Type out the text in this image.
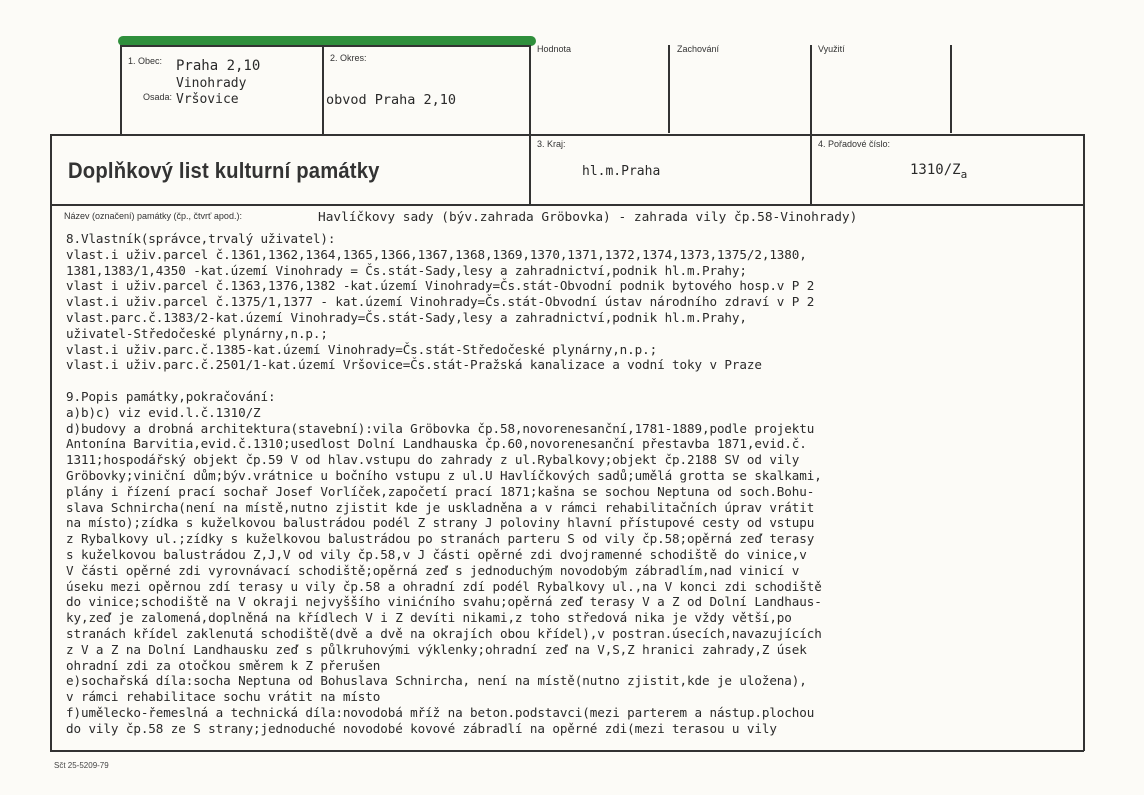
1. Obec: Praha 2,10
Vinohrady
Osada: Vršovice
2. Okres:
obvod Praha 2,10
Hodnota	Zachování	Využití
3. Kraj:
hl.m.Praha
4. Pořadové číslo:
$1310/Z_a$
Doplňkový list kulturní památky
Název (označení) památky (čp., čtvrť apod.):	Havlíčkovy sady (býv.zahrada Gröbovka) - zahrada vily čp.58-Vinohrady)
8.Vlastník(správce,trvalý uživatel):
vlast.i uživ.parcel č.1361,1362,1364,1365,1366,1367,1368,1369,1370,1371,1372,1374,1373,1375/2,1380,
1381,1383/1,4350 -kat.území Vinohrady = Čs.stát-Sady,lesy a zahradnictví,podnik hl.m.Prahy;
vlast i uživ.parcel č.1363,1376,1382 -kat.území Vinohrady=Čs.stát-Obvodní podnik bytového hosp.v P 2
vlast.i uživ.parcel č.1375/1,1377 - kat.území Vinohrady=Čs.stát-Obvodní ústav národního zdraví v P 2
vlast.parc.č.1383/2-kat.území Vinohrady=Čs.stát-Sady,lesy a zahradnictví,podnik hl.m.Prahy,
uživatel-Středočeské plynárny,n.p.;
vlast.i uživ.parc.č.1385-kat.území Vinohrady=Čs.stát-Středočeské plynárny,n.p.;
vlast.i uživ.parc.č.2501/1-kat.území Vršovice=Čs.stát-Pražská kanalizace a vodní toky v Praze
9.Popis památky,pokračování:
a)b)c) viz evid.l.č.1310/Z
d)budovy a drobná architektura(stavební):vila Gröbovka čp.58,novorenesanční,1781-1889,podle projektu
Antonína Barvitia,evid.č.1310;usedlost Dolní Landhauska čp.60,novorenesanční přestavba 1871,evid.č.
1311;hospodářský objekt čp.59 V od hlav.vstupu do zahrady z ul.Rybalkovy;objekt čp.2188 SV od vily
Gröbovky;viniční dům;býv.vrátnice u bočního vstupu z ul.U Havlíčkových sadů;umělá grotta se skalkami,
plány i řízení prací sochař Josef Vorlíček,započetí prací 1871;kašna se sochou Neptuna od soch.Bohu-
slava Schnircha(není na místě,nutno zjistit kde je uskladněna a v rámci rehabilitačních úprav vrátit
na místo);zídka s kuželkovou balustrádou podél Z strany J poloviny hlavní přístupové cesty od vstupu
z Rybalkovy ul.;zídky s kuželkovou balustrádou po stranách parteru S od vily čp.58;opěrná zeď terasy
s kuželkovou balustrádou Z,J,V od vily čp.58,v J části opěrné zdi dvojramenné schodiště do vinice,v
V části opěrné zdi vyrovnávací schodiště;opěrná zeď s jednoduchým novodobým zábradlím,nad vinicí v
úseku mezi opěrnou zdí terasy u vily čp.58 a ohradní zdí podél Rybalkovy ul.,na V konci zdi schodiště
do vinice;schodiště na V okraji nejvyššího vinićního svahu;opěrná zeď terasy V a Z od Dolní Landhaus-
ky,zeď je zalomená,doplněná na křídlech V i Z devíti nikami,z toho středová nika je vždy větší,po
stranách křídel zaklenutá schodiště(dvě a dvě na okrajích obou křídel),v postran.úsecích,navazujících
z V a Z na Dolní Landhausku zeď s půlkruhovými výklenky;ohradní zeď na V,S,Z hranici zahrady,Z úsek
ohradní zdi za otočkou směrem k Z přerušen
e)sochařská díla:socha Neptuna od Bohuslava Schnircha, není na místě(nutno zjistit,kde je uložena),
v rámci rehabilitace sochu vrátit na místo
f)umělecko-řemeslná a technická díla:novodobá mříž na beton.podstavci(mezi parterem a nástup.plochou
do vily čp.58 ze S strany;jednoduché novodobé kovové zábradlí na opěrné zdi(mezi terasou u vily
Sčt 25-5209-79
